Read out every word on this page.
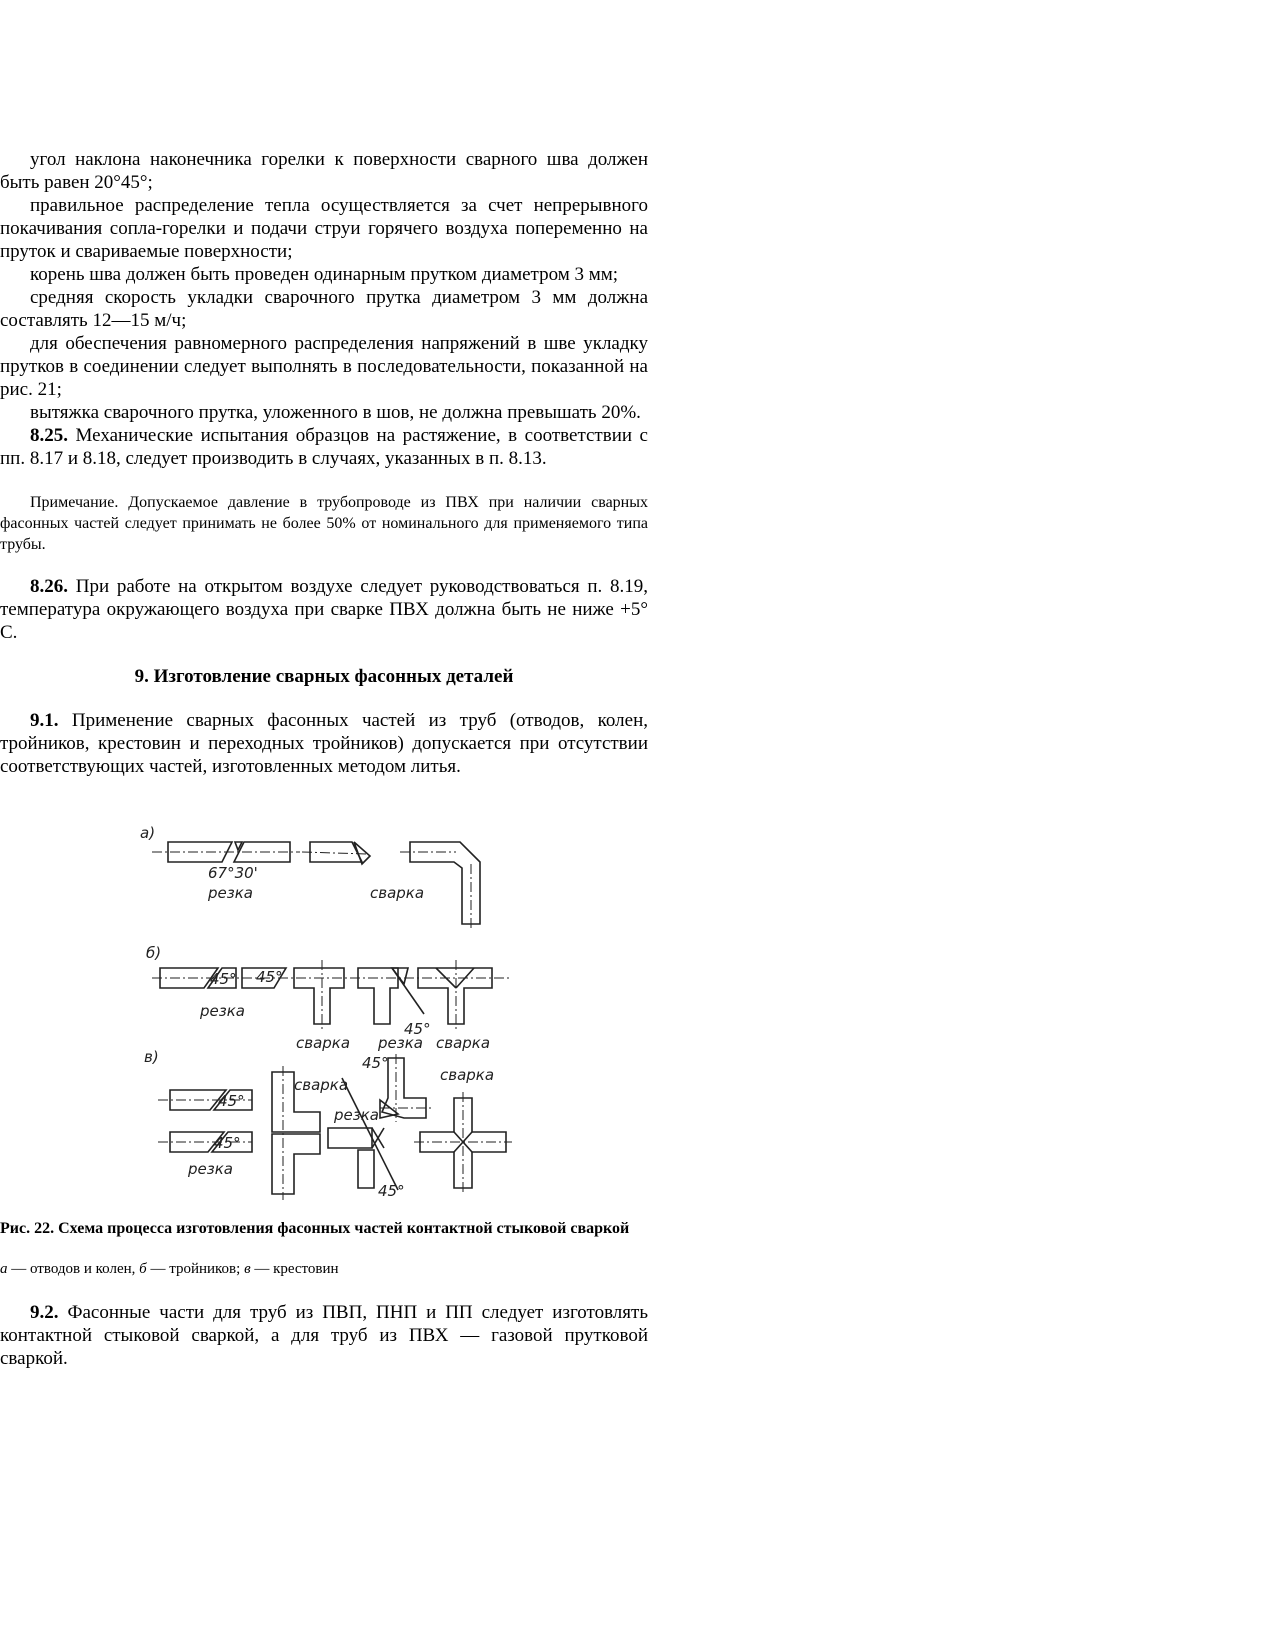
угол наклона наконечника горелки к поверхности сварного шва должен быть равен 20°45°;

правильное распределение тепла осуществляется за счет непрерывного покачивания сопла-горелки и подачи струи горячего воздуха попеременно на пруток и свариваемые поверхности;

корень шва должен быть проведен одинарным прутком диаметром 3 мм;

средняя скорость укладки сварочного прутка диаметром 3 мм должна составлять 12—15 м/ч;

для обеспечения равномерного распределения напряжений в шве укладку прутков в соединении следует выполнять в последовательности, показанной на рис. 21;

вытяжка сварочного прутка, уложенного в шов, не должна превышать 20%.

8.25. Механические испытания образцов на растяжение, в соответствии с пп. 8.17 и 8.18, следует производить в случаях, указанных в п. 8.13.

Примечание. Допускаемое давление в трубопроводе из ПВХ при наличии сварных фасонных частей следует принимать не более 50% от номинального для применяемого типа трубы.

8.26. При работе на открытом воздухе следует руководствоваться п. 8.19, температура окружающего воздуха при сварке ПВХ должна быть не ниже +5° С.

9. Изготовление сварных фасонных деталей

9.1. Применение сварных фасонных частей из труб (отводов, колен, тройников, крестовин и переходных тройников) допускается при отсутствии соответствующих частей, изготовленных методом литья.

а)
67°30'
резка	сварка
б)
45° 45°
резка
сварка
45°
резка сварка
в)
45°
45°
резка
сварка
резка
45°
45°
сварка

Рис. 22. Схема процесса изготовления фасонных частей контактной стыковой сваркой

а — отводов и колен, б — тройников; в — крестовин

9.2. Фасонные части для труб из ПВП, ПНП и ПП следует изготовлять контактной стыковой сваркой, а для труб из ПВХ — газовой прутковой сваркой.
